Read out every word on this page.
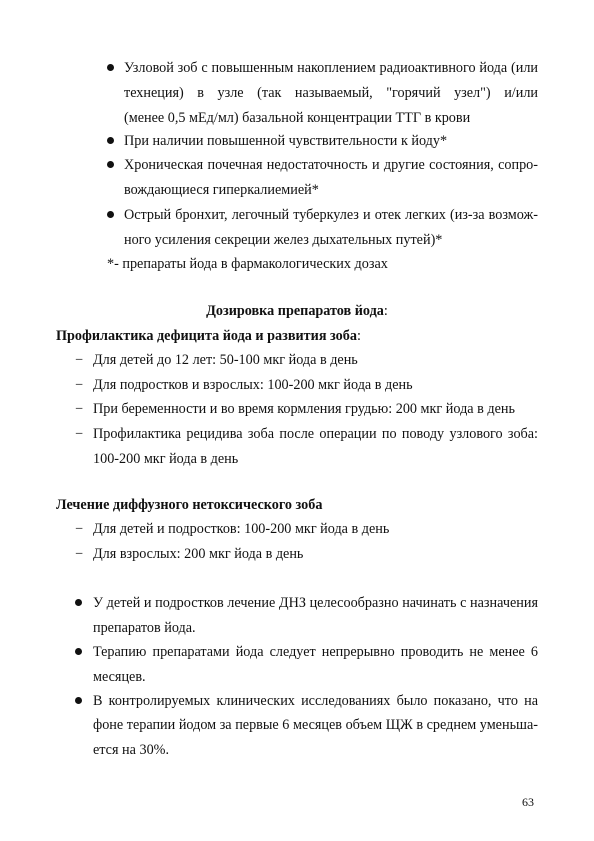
Узловой зоб с повышенным накоплением радиоактивного йода (или
технеция) в узле (так называемый, "горячий узел") и/или
(менее 0,5 мЕд/мл) базальной концентрации ТТГ в крови
При наличии повышенной чувствительности к йоду*
Хроническая почечная недостаточность и другие состояния, сопро-
вождающиеся гиперкалиемией*
Острый бронхит, легочный туберкулез и отек легких (из-за возмож-
ного усиления секреции желез дыхательных путей)*
*- препараты йода в фармакологических дозах
Дозировка препаратов йода:
Профилактика дефицита йода и развития зоба:
− Для детей до 12 лет: 50-100 мкг йода в день
− Для подростков и взрослых: 100-200 мкг йода в день
− При беременности и во время кормления грудью: 200 мкг йода в день
− Профилактика рецидива зоба после операции по поводу узлового зоба:
100-200 мкг йода в день
Лечение диффузного нетоксического зоба
− Для детей и подростков: 100-200 мкг йода в день
− Для взрослых: 200 мкг йода в день
У детей и подростков лечение ДНЗ целесообразно начинать с назначения
препаратов йода.
Терапию препаратами йода следует непрерывно проводить не менее 6
месяцев.
В контролируемых клинических исследованиях было показано, что на
фоне терапии йодом за первые 6 месяцев объем ЩЖ в среднем уменьша-
ется на 30%.
63
